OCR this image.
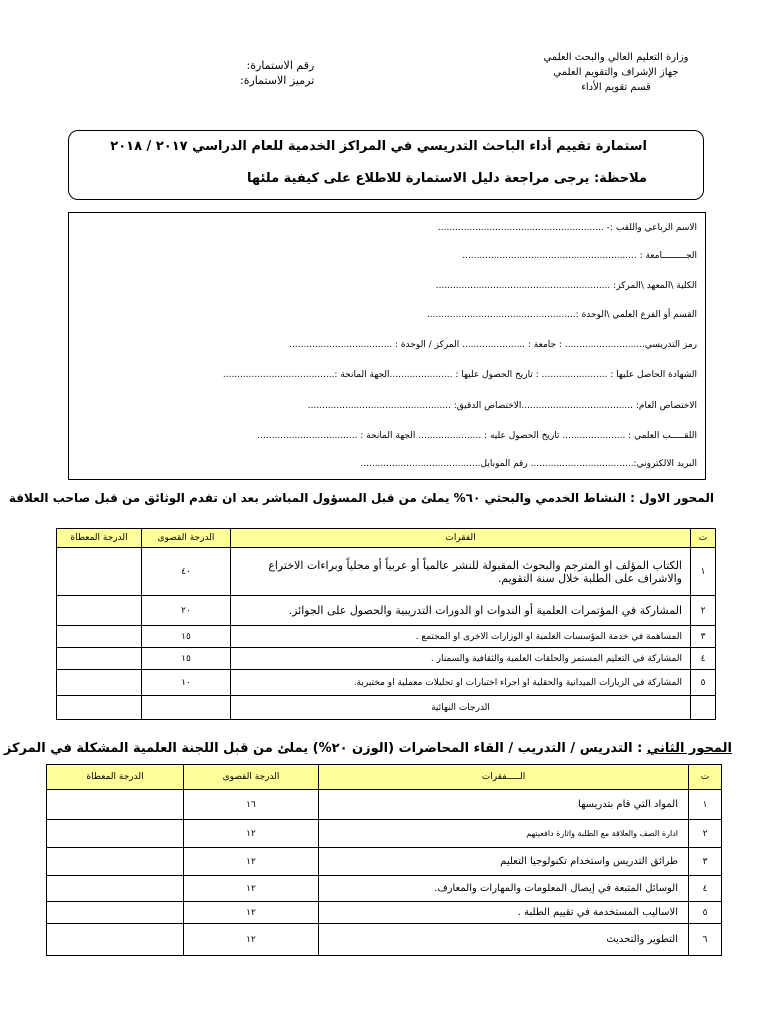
وزارة التعليم العالي والبحث العلمي
جهاز الإشراف والتقويم العلمي
قسم تقويم الأداء
رقم الاستمارة:
ترميز الاستمارة:
استمارة تقييم أداء الباحث التدريسي في المراكز الخدمية للعام الدراسي ٢٠١٧ / ٢٠١٨
ملاحظة: يرجى مراجعة دليل الاستمارة للاطلاع على كيفية ملئها
الاسم الرباعي واللقب :- ..........................................................
الجـــــــــامعة : .............................................................
الكلية \المعهد \المركز: .............................................................
القسم أو الفرع العلمي \الوحدة :....................................................
رمز التدريسي............................ : جامعة : ...................... المركز / الوحدة : ....................................
الشهادة الحاصل عليها : ....................... : تاريخ الحصول عليها : ......................الجهة المانحة :.......................................
الاختصاص العام: .......................................الاختصاص الدقيق: ..................................................
اللقـــــب العلمي : ...................... تاريخ الحصول عليه : ...................... الجهة المانحة : ...................................
البريد الالكتروني:.................................... رقم الموبايل..........................................
المحور الاول : النشاط الخدمي والبحثي ٦٠% يملئ من قبل المسؤول المباشر بعد ان تقدم الوثائق من قبل صاحب العلاقة
ت	الفقرات	الدرجة القصوى	الدرجة المعطاة
١	الكتاب المؤلف او المترجم والبحوث المقبولة للنشر عالمياً أو عربياً أو محلياً وبراءات الاختراع والاشراف على الطلبة خلال سنة التقويم.	٤٠	
٢	المشاركة في المؤتمرات العلمية أو الندوات او الدورات التدريبية والحصول على الجوائز.	٢٠	
٣	المساهمة في خدمة المؤسسات العلمية او الوزارات الاخرى او المجتمع .	١٥	
٤	المشاركة في التعليم المستمر والحلقات العلمية والثقافية والسمنار .	١٥	
٥	المشاركة في الزيارات الميدانية والحقلية او اجراء اختبارات او تحليلات معملية او مختبرية.	١٠	
	الدرجات النهائية		
المحور الثاني : التدريس / التدريب / القاء المحاضرات (الوزن ٢٠%) يملئ من قبل اللجنة العلمية المشكلة في المركز
ت	الـــــفقرات	الدرجة القصوى	الدرجة المعطاة
١	المواد التي قام بتدريسها	١٦	
٢	ادارة الصف والعلاقة مع الطلبة واثارة دافعيتهم	١٢	
٣	طرائق التدريس واستخدام تكنولوجيا التعليم	١٢	
٤	الوسائل المتبعة في إيصال المعلومات والمهارات والمعارف.	١٢	
٥	الاساليب المستخدمة في تقييم الطلبة .	١٢	
٦	التطوير والتحديث	١٢	
